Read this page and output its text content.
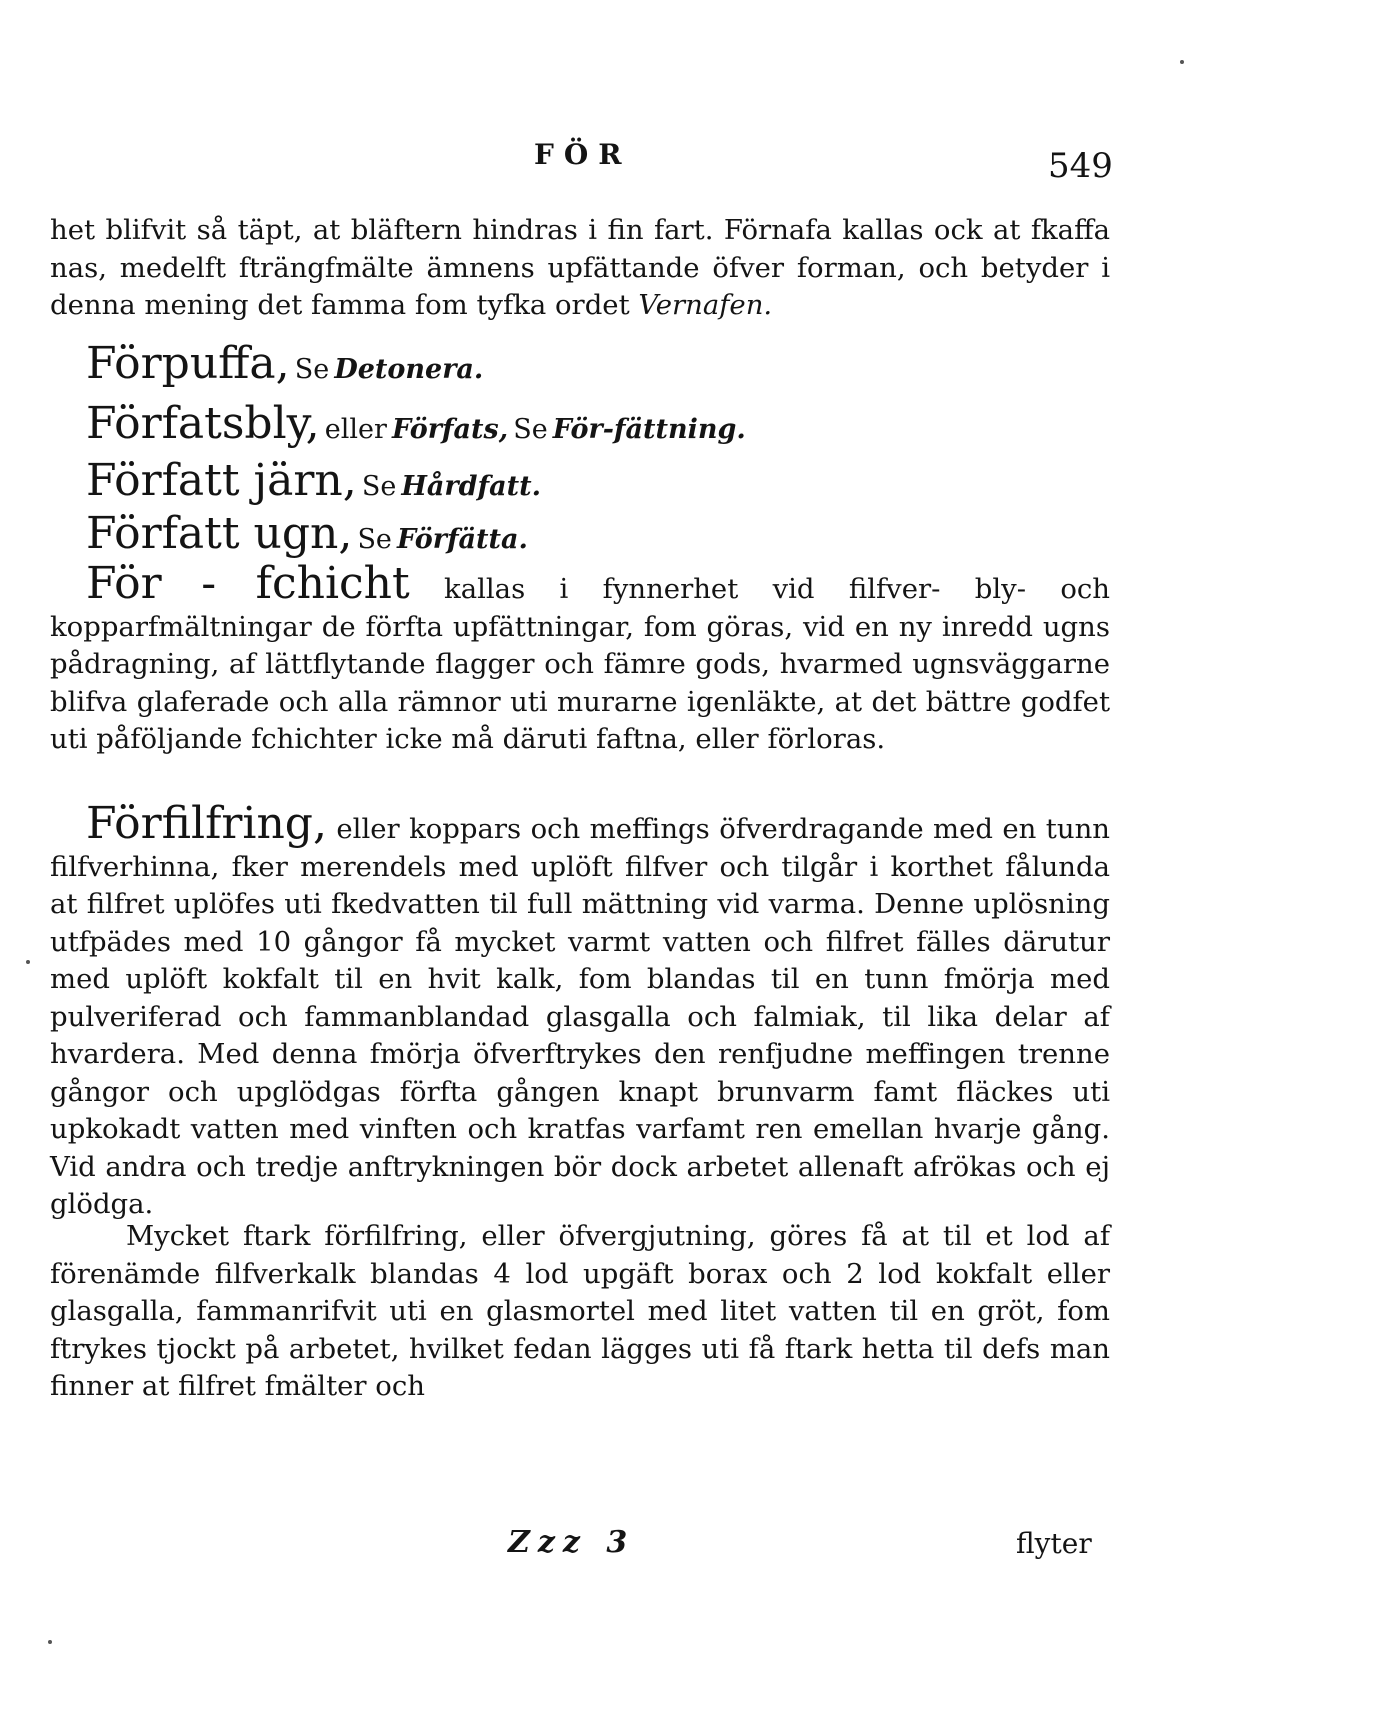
FÖR	549
het blifvit så täpt, at bläftern hindras i fin fart. Förnafa kallas ock at fkaffa nas, medelft fträngfmälte ämnens upfättande öfver forman, och betyder i denna mening det famma fom tyfka ordet Vernafen.
Förpuffa, Se Detonera.
Förfatsbly, eller Förfats, Se För-fättning.
Författ järn, Se Hårdfatt.
Författ ugn, Se Förfätta.
För - fchicht kallas i fynnerhet vid filfver- bly- och kopparfmältningar de förfta upfättningar, fom göras, vid en ny inredd ugns pådragning, af lättflytande flagger och fämre gods, hvarmed ugnsväggarne blifva glaferade och alla rämnor uti murarne igenläkte, at det bättre godfet uti påföljande fchichter icke må däruti faftna, eller förloras.
Förfilfring, eller koppars och meffings öfverdragande med en tunn filfverhinna, fker merendels med uplöft filfver och tilgår i korthet fålunda at filfret uplöfes uti fkedvatten til full mättning vid varma. Denne uplösning utfpädes med 10 gångor få mycket varmt vatten och filfret fälles därutur med uplöft kokfalt til en hvit kalk, fom blandas til en tunn fmörja med pulveriferad och fammanblandad glasgalla och falmiak, til lika delar af hvardera. Med denna fmörja öfverftrykes den renfjudne meffingen trenne gångor och upglödgas förfta gången knapt brunvarm famt fläckes uti upkokadt vatten med vinften och kratfas varfamt ren emellan hvarje gång. Vid andra och tredje anftrykningen bör dock arbetet allenaft afrökas och ej glödga.
Mycket ftark förfilfring, eller öfvergjutning, göres få at til et lod af förenämde filfverkalk blandas 4 lod upgäft borax och 2 lod kokfalt eller glasgalla, fammanrifvit uti en glasmortel med litet vatten til en gröt, fom ftrykes tjockt på arbetet, hvilket fedan lägges uti få ftark hetta til defs man finner at filfret fmälter och
Zzz 3	flyter
